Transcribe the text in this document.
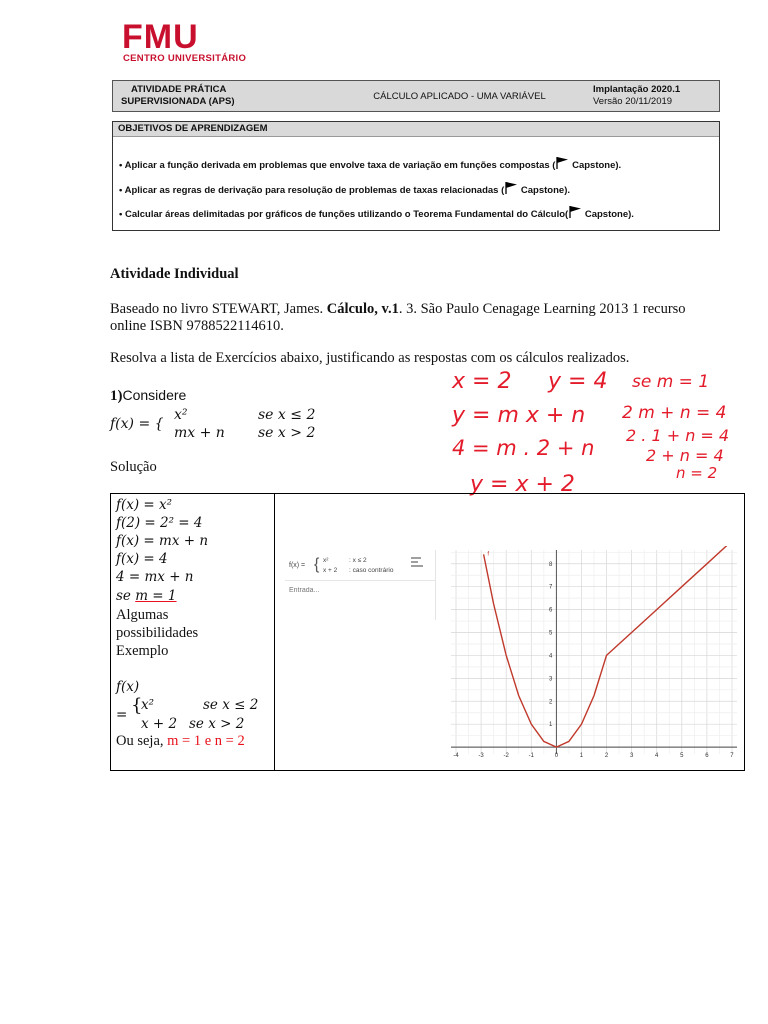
FMU
CENTRO UNIVERSITÁRIO
ATIVIDADE PRÁTICA
SUPERVISIONADA (APS)	CÁLCULO APLICADO - UMA VARIÁVEL
Implantação 2020.1
Versão 20/11/2019
OBJETIVOS DE APRENDIZAGEM
• Aplicar a função derivada em problemas que envolve taxa de variação em funções compostas ( Capstone).
• Aplicar as regras de derivação para resolução de problemas de taxas relacionadas ( Capstone).
• Calcular áreas delimitadas por gráficos de funções utilizando o Teorema Fundamental do Cálculo( Capstone).
Atividade Individual
Baseado no livro STEWART, James. Cálculo, v.1. 3. São Paulo Cenagage Learning 2013 1 recurso
online ISBN 9788522114610.
Resolva a lista de Exercícios abaixo, justificando as respostas com os cálculos realizados.
1)Considere
f(x) = {
x²	se x ≤ 2
mx + n se x > 2
Solução
x = 2 y = 4 se m = 1
y = m x + n 2 m + n = 4
4 = m . 2 + n
2 . 1 + n = 4
2 + n = 4
n = 2
y = x + 2
f(x) = x²
f(2) = 2² = 4
f(x) = mx + n
f(x) = 4
4 = mx + n
se m = 1
Algumas
possibilidades
Exemplo
f(x)
= {
x²	se x ≤ 2
x + 2 se x > 2
Ou seja, m = 1 e n = 2
f(x) = { x²	: x ≤ 2
x + 2 : caso contrário
Entrada...
-4	-3	-2	-1	0	1	2	3	4	5	6	7
1
2
3
4
5
6
7
8
f
